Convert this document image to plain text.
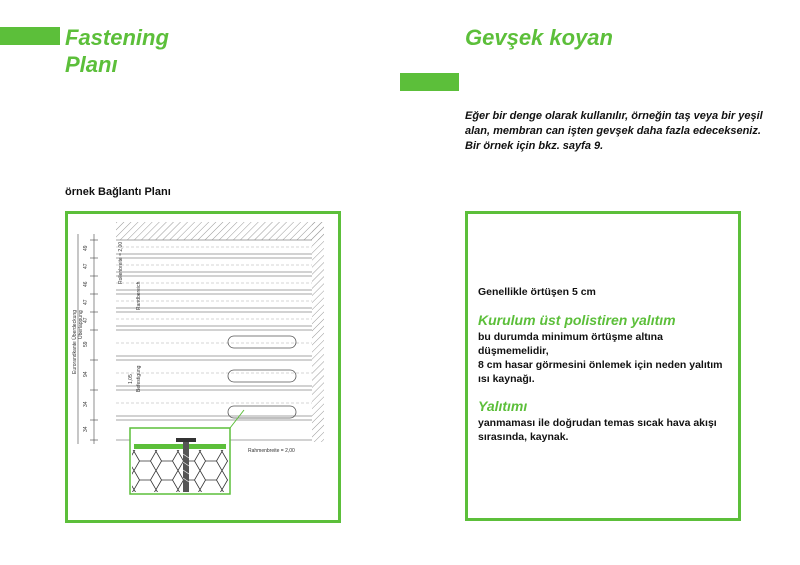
Fastening
Planı
örnek Bağlantı Planı
49
47
46
47
47
59
94
34
34
Eurorandkante Überdeckung Überlappung
Rollenbreite = 2,00
1,05 Befestigung
Randbereich
Rahmenbreite = 2,00
Gevşek koyan
Eğer bir denge olarak kullanılır, örneğin taş veya bir yeşil alan, membran can işten gevşek daha fazla edecekseniz. Bir örnek için bkz. sayfa 9.

Genellikle örtüşen 5 cm

Kurulum üst polistiren yalıtım

bu durumda minimum örtüşme altına düşmemelidir,
8 cm hasar görmesini önlemek için neden yalıtım ısı kaynağı.

Yalıtımı

yanmaması ile doğrudan temas sıcak hava akışı sırasında, kaynak.
